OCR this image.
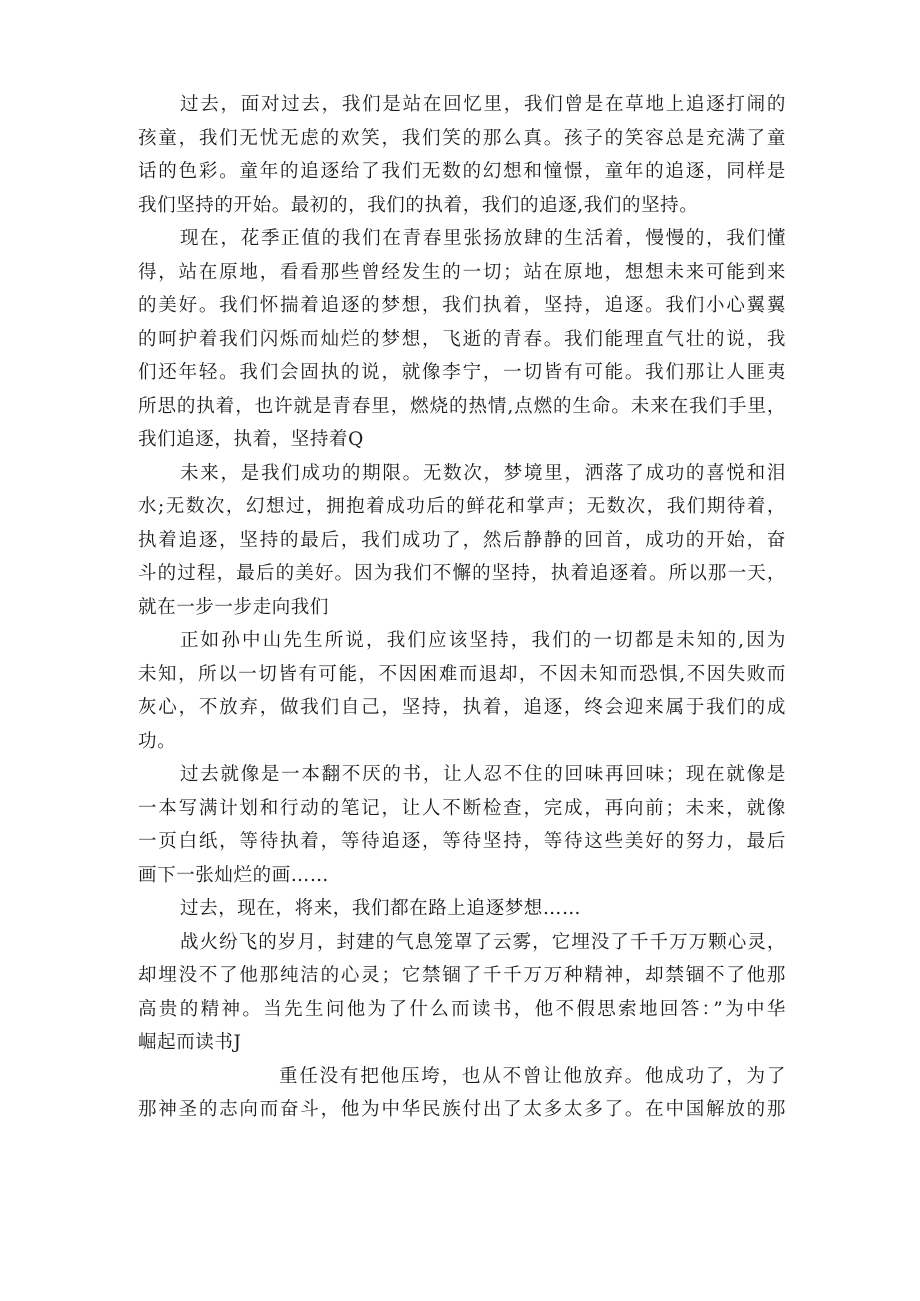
过去，面对过去，我们是站在回忆里，我们曾是在草地上追逐打闹的
孩童，我们无忧无虑的欢笑，我们笑的那么真。孩子的笑容总是充满了童
话的色彩。童年的追逐给了我们无数的幻想和憧憬，童年的追逐，同样是
我们坚持的开始。最初的，我们的执着，我们的追逐,我们的坚持。
现在，花季正值的我们在青春里张扬放肆的生活着，慢慢的，我们懂
得，站在原地，看看那些曾经发生的一切；站在原地，想想未来可能到来
的美好。我们怀揣着追逐的梦想，我们执着，坚持，追逐。我们小心翼翼
的呵护着我们闪烁而灿烂的梦想，飞逝的青春。我们能理直气壮的说，我
们还年轻。我们会固执的说，就像李宁，一切皆有可能。我们那让人匪夷
所思的执着，也许就是青春里，燃烧的热情,点燃的生命。未来在我们手里，
我们追逐，执着，坚持着Q
未来，是我们成功的期限。无数次，梦境里，洒落了成功的喜悦和泪
水;无数次，幻想过，拥抱着成功后的鲜花和掌声；无数次，我们期待着，
执着追逐，坚持的最后，我们成功了，然后静静的回首，成功的开始，奋
斗的过程，最后的美好。因为我们不懈的坚持，执着追逐着。所以那一天，
就在一步一步走向我们
正如孙中山先生所说，我们应该坚持，我们的一切都是未知的,因为
未知，所以一切皆有可能，不因困难而退却，不因未知而恐惧,不因失败而
灰心，不放弃，做我们自己，坚持，执着，追逐，终会迎来属于我们的成
功。
过去就像是一本翻不厌的书，让人忍不住的回味再回味；现在就像是
一本写满计划和行动的笔记，让人不断检查，完成，再向前；未来，就像
一页白纸，等待执着，等待追逐，等待坚持，等待这些美好的努力，最后
画下一张灿烂的画……
过去，现在，将来，我们都在路上追逐梦想……
战火纷飞的岁月，封建的气息笼罩了云雾，它埋没了千千万万颗心灵，
却埋没不了他那纯洁的心灵；它禁锢了千千万万种精神，却禁锢不了他那
高贵的精神。当先生问他为了什么而读书，他不假思索地回答：”为中华
崛起而读书J
重任没有把他压垮，也从不曾让他放弃。他成功了，为了
那神圣的志向而奋斗，他为中华民族付出了太多太多了。在中国解放的那
